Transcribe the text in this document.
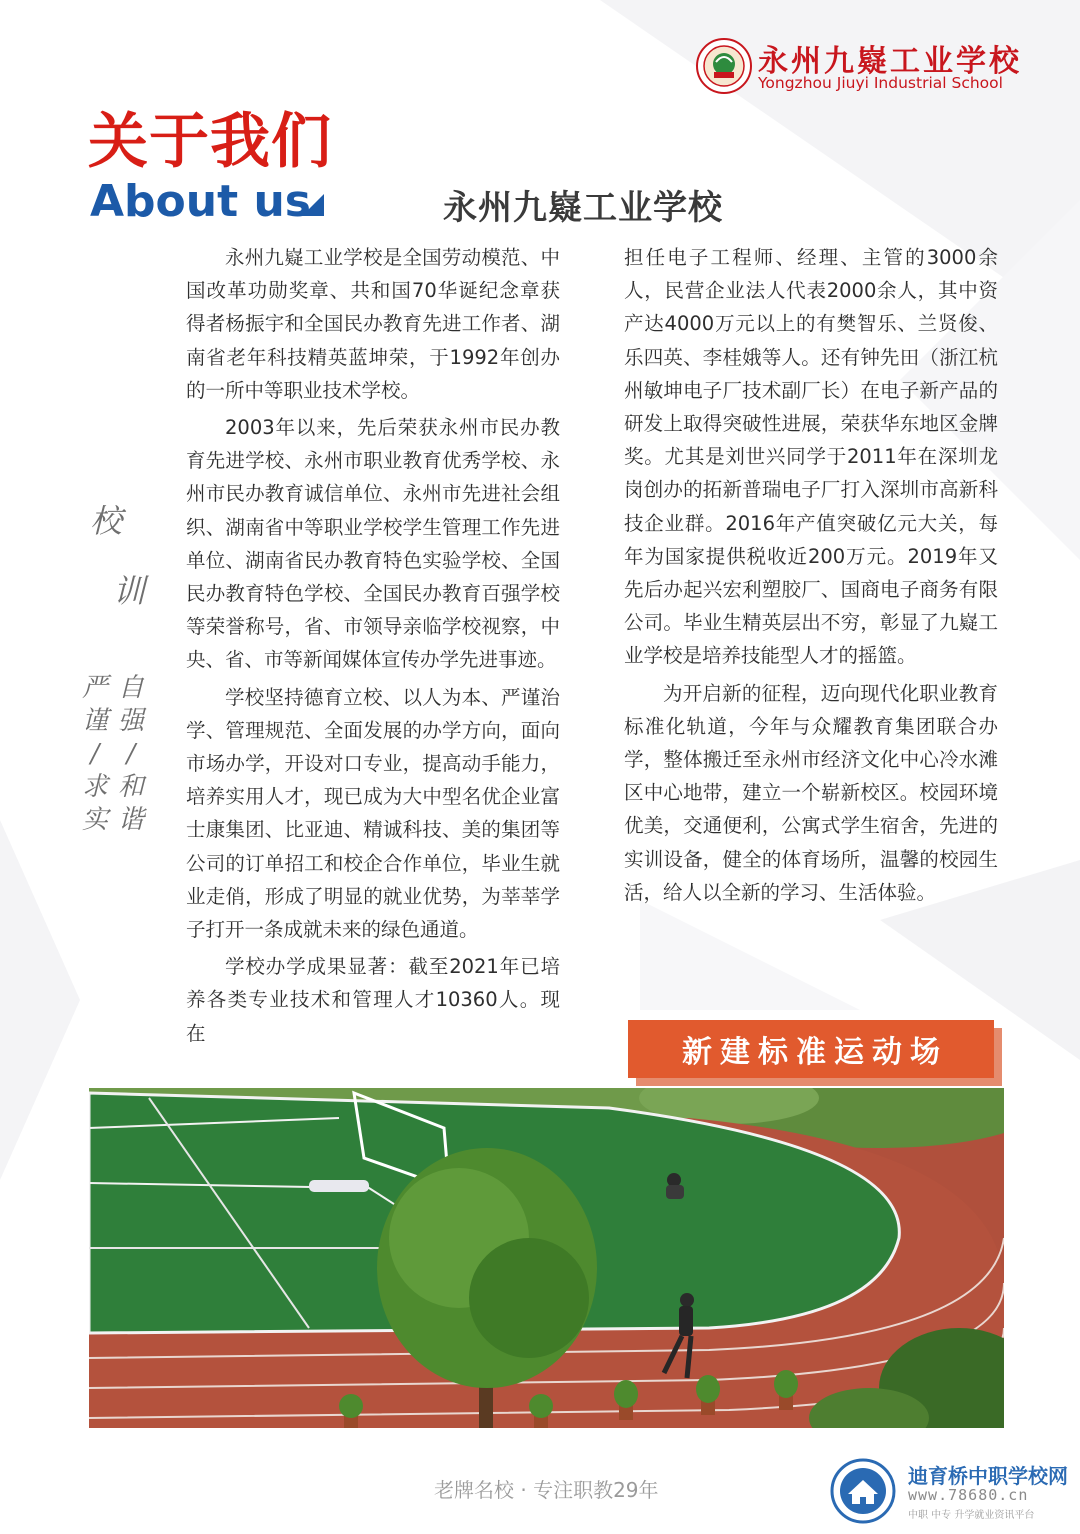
永州九嶷工业学校
Yongzhou Jiuyi Industrial School
关于我们
About us	永州九嶷工业学校
校
训
自
强
/
和
谐
严
谨
/
求
实

永州九嶷工业学校是全国劳动模范、中国改革功勋奖章、共和国70华诞纪念章获得者杨振宇和全国民办教育先进工作者、湖南省老年科技精英蓝坤荣，于1992年创办的一所中等职业技术学校。

2003年以来，先后荣获永州市民办教育先进学校、永州市职业教育优秀学校、永州市民办教育诚信单位、永州市先进社会组织、湖南省中等职业学校学生管理工作先进单位、湖南省民办教育特色实验学校、全国民办教育特色学校、全国民办教育百强学校等荣誉称号，省、市领导亲临学校视察，中央、省、市等新闻媒体宣传办学先进事迹。

学校坚持德育立校、以人为本、严谨治学、管理规范、全面发展的办学方向，面向市场办学，开设对口专业，提高动手能力，培养实用人才，现已成为大中型名优企业富士康集团、比亚迪、精诚科技、美的集团等公司的订单招工和校企合作单位，毕业生就业走俏，形成了明显的就业优势，为莘莘学子打开一条成就未来的绿色通道。

学校办学成果显著：截至2021年已培养各类专业技术和管理人才10360人。现在

担任电子工程师、经理、主管的3000余人，民营企业法人代表2000余人，其中资产达4000万元以上的有樊智乐、兰贤俊、乐四英、李桂娥等人。还有钟先田（浙江杭州敏坤电子厂技术副厂长）在电子新产品的研发上取得突破性进展，荣获华东地区金牌奖。尤其是刘世兴同学于2011年在深圳龙岗创办的拓新普瑞电子厂打入深圳市高新科技企业群。2016年产值突破亿元大关，每年为国家提供税收近200万元。2019年又先后办起兴宏利塑胶厂、国商电子商务有限公司。毕业生精英层出不穷，彰显了九嶷工业学校是培养技能型人才的摇篮。

为开启新的征程，迈向现代化职业教育标准化轨道，今年与众耀教育集团联合办学，整体搬迁至永州市经济文化中心冷水滩区中心地带，建立一个崭新校区。校园环境优美，交通便利，公寓式学生宿舍，先进的实训设备，健全的体育场所，温馨的校园生活，给人以全新的学习、生活体验。

新建标准运动场
老牌名校 · 专注职教29年
迪育桥中职学校网
www.78680.cn
中职 中专 升学就业资讯平台
